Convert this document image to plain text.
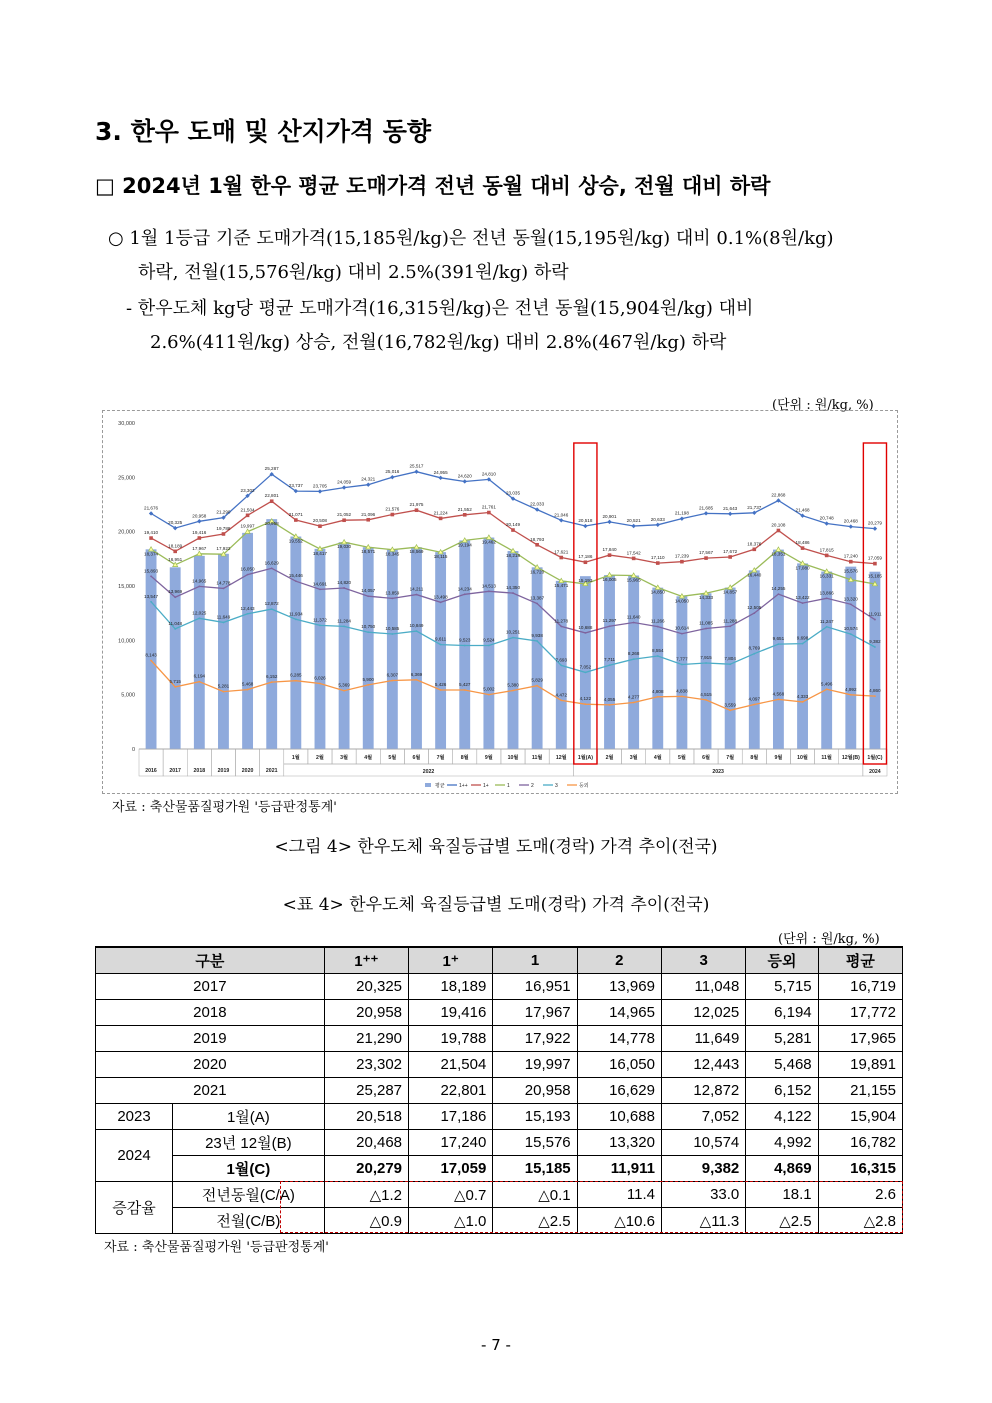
3. 한우 도매 및 산지가격 동향
□ 2024년 1월 한우 평균 도매가격 전년 동월 대비 상승, 전월 대비 하락
○ 1월 1등급 기준 도매가격(15,185원/kg)은 전년 동월(15,195원/kg) 대비 0.1%(8원/kg)
하락, 전월(15,576원/kg) 대비 2.5%(391원/kg) 하락
- 한우도체 kg당 평균 도매가격(16,315원/kg)은 전년 동월(15,904원/kg) 대비
2.6%(411원/kg) 상승, 전월(16,782원/kg) 대비 2.8%(467원/kg) 하락
(단위 : 원/kg, %)
0
5,000
10,000
15,000
20,000
25,000
30,000
21,676
20,325
20,958
21,290
23,302
25,287
23,737 23,705
24,059
24,321
25,016
25,517
24,955
24,620 24,810
23,035
22,033
21,046
20,518
20,901
20,521 20,633
21,198
21,685 21,643 21,737
22,868
21,468
20,748
20,468 20,279
19,410
18,189
19,416
19,788
21,504
22,801
21,071
20,508
21,052 21,096
21,576
21,975
21,224
21,552 21,761
20,149
18,793
17,621
17,186
17,840
17,542
17,110 17,239
17,567 17,672
18,376
20,108
18,486
17,815
17,240 17,059
16,951
17,967 17,922
19,997
15,893
13,969
14,965 14,778
16,050
16,629
15,446
14,691 14,820
14,057 13,859
14,211
13,498
14,234
14,513 14,350
13,387
11,278
10,688
11,297
11,640
11,266
10,614
11,085 11,288
12,505
14,255
13,422
13,866
13,320
11,911
13,547
11,048
12,025
11,649
12,443
12,872
11,934
11,372 11,284
10,750 10,585
10,849
9,611	9,523	9,524
10,251
9,938
7,693
7,052
7,711
8,268
8,554
7,777	7,915	7,804
8,769
9,651	9,698
11,247
10,574
9,382
8,143
5,715
6,194
5,281	5,468
6,152	6,285
6,026
5,369
5,900
6,307	6,369
5,426	5,427
5,002
5,380
5,829
4,472
4,122	4,055	4,277
4,808	4,838
4,515
3,559
4,097
4,568
4,333
5,496
4,992	4,860
18,374
20,958
19,552
18,417
19,030
18,571 18,345 18,569
18,115
19,194
19,462
18,218
16,720
15,471
15,193 16,005 15,965
14,850
14,050
14,333
14,857
16,440
18,351
17,080
16,331
15,576
15,185
2016 2017 2018 2019 2020 2021
1월	2월	3월	4월	5월	6월	7월	8월	9월	10월	11월	12월 1월(A) 2월	3월	4월	5월	6월	7월	8월	9월	10월	11월 12월(B) 1월(C)
2022	2023	2024
평균	1++	1+	1	2	3	등외
자료 : 축산물품질평가원 '등급판정통계'
<그림 4> 한우도체 육질등급별 도매(경락) 가격 추이(전국)
<표 4> 한우도체 육질등급별 도매(경락) 가격 추이(전국)
(단위 : 원/kg, %)
구분		1⁺⁺	1⁺	1	2	3	등외	평균
2017		20,325	18,189	16,951	13,969	11,048	5,715	16,719
2018		20,958	19,416	17,967	14,965	12,025	6,194	17,772
2019		21,290	19,788	17,922	14,778	11,649	5,281	17,965
2020		23,302	21,504	19,997	16,050	12,443	5,468	19,891
2021		25,287	22,801	20,958	16,629	12,872	6,152	21,155
2023	1월(A)	20,518	17,186	15,193	10,688	7,052	4,122	15,904
2024	23년 12월(B)	20,468	17,240	15,576	13,320	10,574	4,992	16,782
	1월(C)	20,279	17,059	15,185	11,911	9,382	4,869	16,315
증감율	전년동월(C/A)	△1.2	△0.7	△0.1	11.4	33.0	18.1	2.6
	전월(C/B)	△0.9	△1.0	△2.5	△10.6	△11.3	△2.5	△2.8
자료 : 축산물품질평가원 '등급판정통계'
- 7 -
